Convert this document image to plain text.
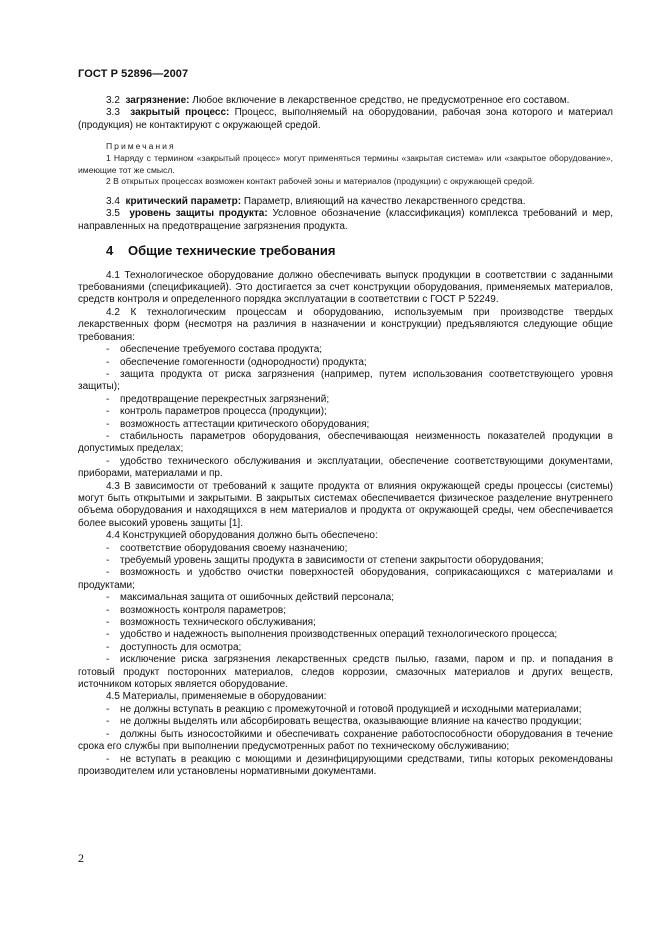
ГОСТ Р 52896—2007

3.2 загрязнение: Любое включение в лекарственное средство, не предусмотренное его составом.

3.3 закрытый процесс: Процесс, выполняемый на оборудовании, рабочая зона которого и материал (продукция) не контактируют с окружающей средой.

Примечания

1 Наряду с термином «закрытый процесс» могут применяться термины «закрытая система» или «закрытое оборудование», имеющие тот же смысл.

2 В открытых процессах возможен контакт рабочей зоны и материалов (продукции) с окружающей средой.

3.4 критический параметр: Параметр, влияющий на качество лекарственного средства.

3.5 уровень защиты продукта: Условное обозначение (классификация) комплекса требований и мер, направленных на предотвращение загрязнения продукта.

4 Общие технические требования

4.1 Технологическое оборудование должно обеспечивать выпуск продукции в соответствии с заданными требованиями (спецификацией). Это достигается за счет конструкции оборудования, применяемых материалов, средств контроля и определенного порядка эксплуатации в соответствии с ГОСТ Р 52249.

4.2 К технологическим процессам и оборудованию, используемым при производстве твердых лекарственных форм (несмотря на различия в назначении и конструкции) предъявляются следующие общие требования:

- обеспечение требуемого состава продукта;

- обеспечение гомогенности (однородности) продукта;

- защита продукта от риска загрязнения (например, путем использования соответствующего уровня защиты);

- предотвращение перекрестных загрязнений;

- контроль параметров процесса (продукции);

- возможность аттестации критического оборудования;

- стабильность параметров оборудования, обеспечивающая неизменность показателей продукции в допустимых пределах;

- удобство технического обслуживания и эксплуатации, обеспечение соответствующими документами, приборами, материалами и пр.

4.3 В зависимости от требований к защите продукта от влияния окружающей среды процессы (системы) могут быть открытыми и закрытыми. В закрытых системах обеспечивается физическое разделение внутреннего объема оборудования и находящихся в нем материалов и продукта от окружающей среды, чем обеспечивается более высокий уровень защиты [1].

4.4 Конструкцией оборудования должно быть обеспечено:

- соответствие оборудования своему назначению;

- требуемый уровень защиты продукта в зависимости от степени закрытости оборудования;

- возможность и удобство очистки поверхностей оборудования, соприкасающихся с материалами и продуктами;

- максимальная защита от ошибочных действий персонала;

- возможность контроля параметров;

- возможность технического обслуживания;

- удобство и надежность выполнения производственных операций технологического процесса;

- доступность для осмотра;

- исключение риска загрязнения лекарственных средств пылью, газами, паром и пр. и попадания в готовый продукт посторонних материалов, следов коррозии, смазочных материалов и других веществ, источником которых является оборудование.

4.5 Материалы, применяемые в оборудовании:

- не должны вступать в реакцию с промежуточной и готовой продукцией и исходными материалами;

- не должны выделять или абсорбировать вещества, оказывающие влияние на качество продукции;

- должны быть износостойкими и обеспечивать сохранение работоспособности оборудования в течение срока его службы при выполнении предусмотренных работ по техническому обслуживанию;

- не вступать в реакцию с моющими и дезинфицирующими средствами, типы которых рекомендованы производителем или установлены нормативными документами.

2
